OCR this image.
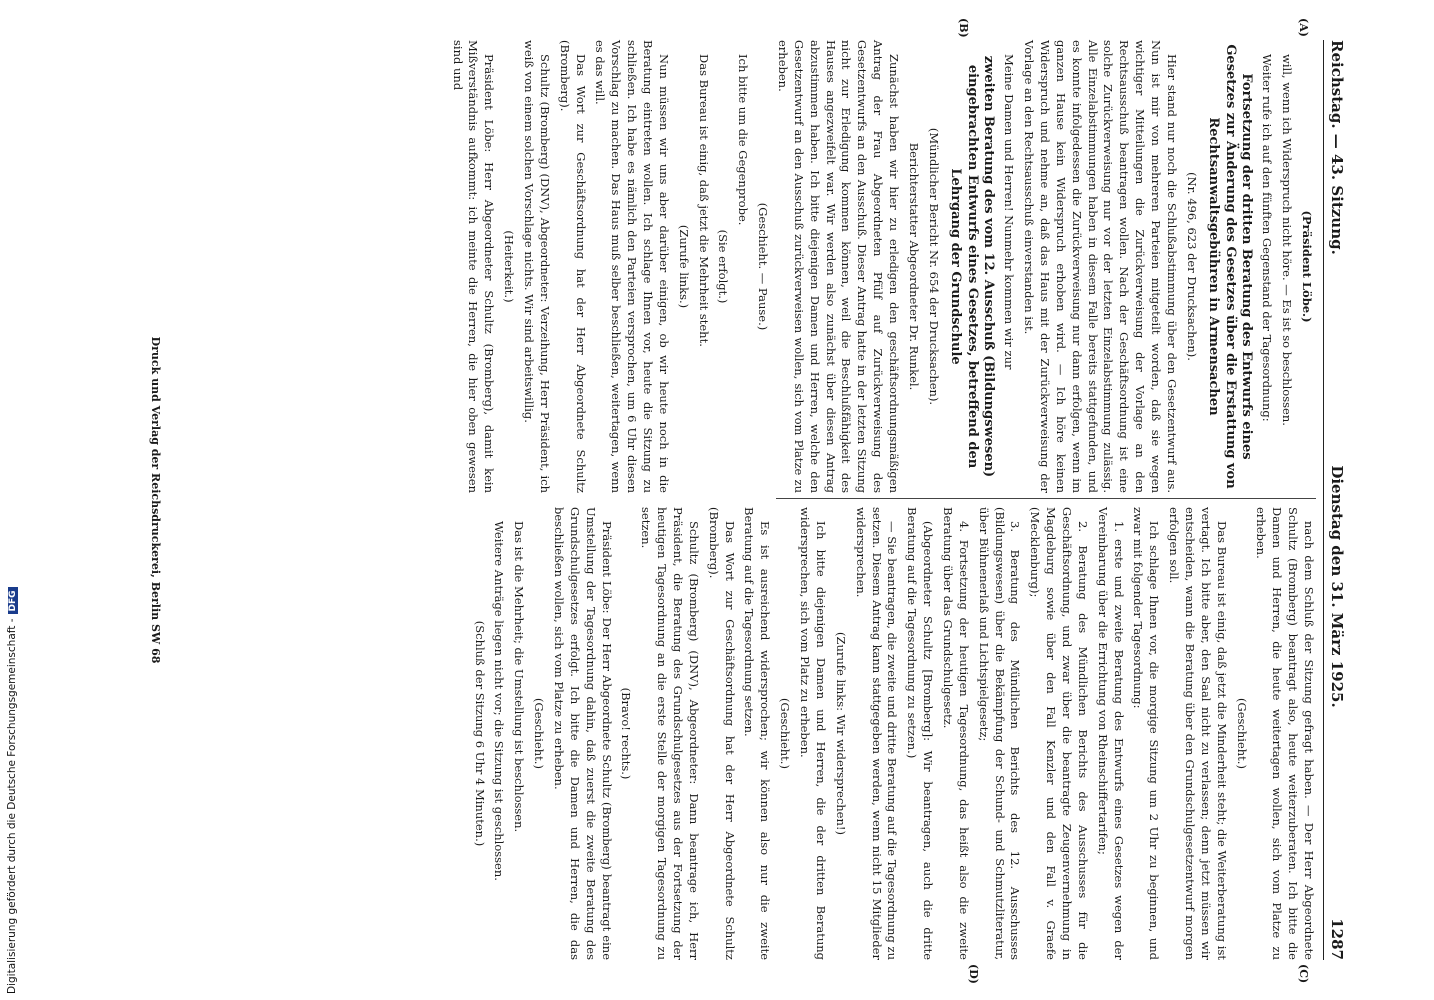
Reichstag. — 43. Sitzung.
Dienstag den 31. März 1925.
1287

(Präsident Löbe.)

will, wenn ich Widerspruch nicht höre. — Es ist so beschlossen.

Weiter rufe ich auf den fünften Gegenstand der Tagesordnung:

Fortsetzung der dritten Beratung des Entwurfs eines Gesetzes zur Änderung des Gesetzes über die Erstattung von Rechtsanwaltsgebühren in Armensachen

(Nr. 496, 623 der Drucksachen).

Hier stand nur noch die Schlußabstimmung über den Gesetzentwurf aus. Nun ist mir von mehreren Parteien mitgeteilt worden, daß sie wegen wichtiger Mitteilungen die Zurückverweisung der Vorlage an den Rechtsausschuß beantragen wollen. Nach der Geschäftsordnung ist eine solche Zurückverweisung nur vor der letzten Einzelabstimmung zulässig. Alle Einzelabstimmungen haben in diesem Falle bereits stattgefunden, und es konnte infolgedessen die Zurückverweisung nur dann erfolgen, wenn im ganzen Hause kein Widerspruch erhoben wird. — Ich höre keinen Widerspruch und nehme an, daß das Haus mit der Zurückverweisung der Vorlage an den Rechtsausschuß einverstanden ist.

Meine Damen und Herren! Nunmehr kommen wir zur

zweiten Beratung des vom 12. Ausschuß (Bildungswesen) eingebrachten Entwurfs eines Gesetzes, betreffend den Lehrgang der Grundschule

(Mündlicher Bericht Nr. 654 der Drucksachen).

Berichterstatter Abgeordneter Dr. Runkel.

Zunächst haben wir hier zu erledigen den geschäftsordnungsmäßigen Antrag der Frau Abgeordneten Pfülf auf Zurückverweisung des Gesetzentwurfs an den Ausschuß. Dieser Antrag hatte in der letzten Sitzung nicht zur Erledigung kommen können, weil die Beschlußfähigkeit des Hauses angezweifelt war. Wir werden also zunächst über diesen Antrag abzustimmen haben. Ich bitte diejenigen Damen und Herren, welche den Gesetzentwurf an den Ausschuß zurückverweisen wollen, sich vom Platze zu erheben.

(Geschieht. — Pause.)

Ich bitte um die Gegenprobe.

(Sie erfolgt.)

Das Bureau ist einig, daß jetzt die Mehrheit steht.

(Zurufe links.)

Nun müssen wir uns aber darüber einigen, ob wir heute noch in die Beratung eintreten wollen. Ich schlage Ihnen vor, heute die Sitzung zu schließen. Ich habe es nämlich den Parteien versprochen, um 6 Uhr diesen Vorschlag zu machen. Das Haus muß selber beschließen, weitertagen, wenn es das will.

Das Wort zur Geschäftsordnung hat der Herr Abgeordnete Schultz (Bromberg).

Schultz (Bromberg) (DNV), Abgeordneter: Verzeihung, Herr Präsident, ich weiß von einem solchen Vorschlage nichts. Wir sind arbeitswillig.

(Heiterkeit.)

Präsident Löbe: Herr Abgeordneter Schultz (Bromberg), damit kein Mißverständnis aufkommt: ich meinte die Herren, die hier oben gewesen sind und

nach dem Schluß der Sitzung gefragt haben. — Der Herr Abgeordnete Schultz (Bromberg) beantragt also, heute weiterzuberaten. Ich bitte die Damen und Herren, die heute weitertagen wollen, sich vom Platze zu erheben.

(Geschieht.)

Das Bureau ist einig, daß jetzt die Minderheit steht; die Weiterberatung ist vertagt. Ich bitte aber, den Saal nicht zu verlassen; denn jetzt müssen wir entscheiden, wann die Beratung über den Grundschulgesetzentwurf morgen erfolgen soll.

Ich schlage Ihnen vor, die morgige Sitzung um 2 Uhr zu beginnen, und zwar mit folgender Tagesordnung:

1. erste und zweite Beratung des Entwurfs eines Gesetzes wegen der Vereinbarung über die Errichtung von Rheinschiffertarifen;

2. Beratung des Mündlichen Berichts des Ausschusses für die Geschäftsordnung, und zwar über die beantragte Zeugenvernehmung in Magdeburg sowie über den Fall Kenzler und den Fall v. Graefe (Mecklenburg);

3. Beratung des Mündlichen Berichts des 12. Ausschusses (Bildungswesen) über die Bekämpfung der Schund- und Schmutzliteratur, über Bühnenerlaß und Lichtspielgesetz;

4. Fortsetzung der heutigen Tagesordnung, das heißt also die zweite Beratung über das Grundschulgesetz.

(Abgeordneter Schultz [Bromberg]: Wir beantragen, auch die dritte Beratung auf die Tagesordnung zu setzen.)

— Sie beantragen, die zweite und dritte Beratung auf die Tagesordnung zu setzen. Diesem Antrag kann stattgegeben werden, wenn nicht 15 Mitglieder widersprechen.

(Zurufe links: Wir widersprechen!)

Ich bitte diejenigen Damen und Herren, die der dritten Beratung widersprechen, sich vom Platz zu erheben.

(Geschieht.)

Es ist ausreichend widersprochen; wir können also nur die zweite Beratung auf die Tagesordnung setzen.

Das Wort zur Geschäftsordnung hat der Herr Abgeordnete Schultz (Bromberg).

Schultz (Bromberg) (DNV), Abgeordneter: Dann beantrage ich, Herr Präsident, die Beratung des Grundschulgesetzes aus der Fortsetzung der heutigen Tagesordnung an die erste Stelle der morgigen Tagesordnung zu setzen.

(Bravo! rechts.)

Präsident Löbe: Der Herr Abgeordnete Schultz (Bromberg) beantragt eine Umstellung der Tagesordnung dahin, daß zuerst die zweite Beratung des Grundschulgesetzes erfolgt. Ich bitte die Damen und Herren, die das beschließen wollen, sich vom Platze zu erheben.

(Geschieht.)

Das ist die Mehrheit; die Umstellung ist beschlossen.

Weitere Anträge liegen nicht vor; die Sitzung ist geschlossen.

(Schluß der Sitzung 6 Uhr 4 Minuten.)

(A)
(B)
(C)
(D)
Druck und Verlag der Reichsdruckerei, Berlin SW 68
Digitalisierung gefördert durch die Deutsche Forschungsgemeinschaft -DFG
